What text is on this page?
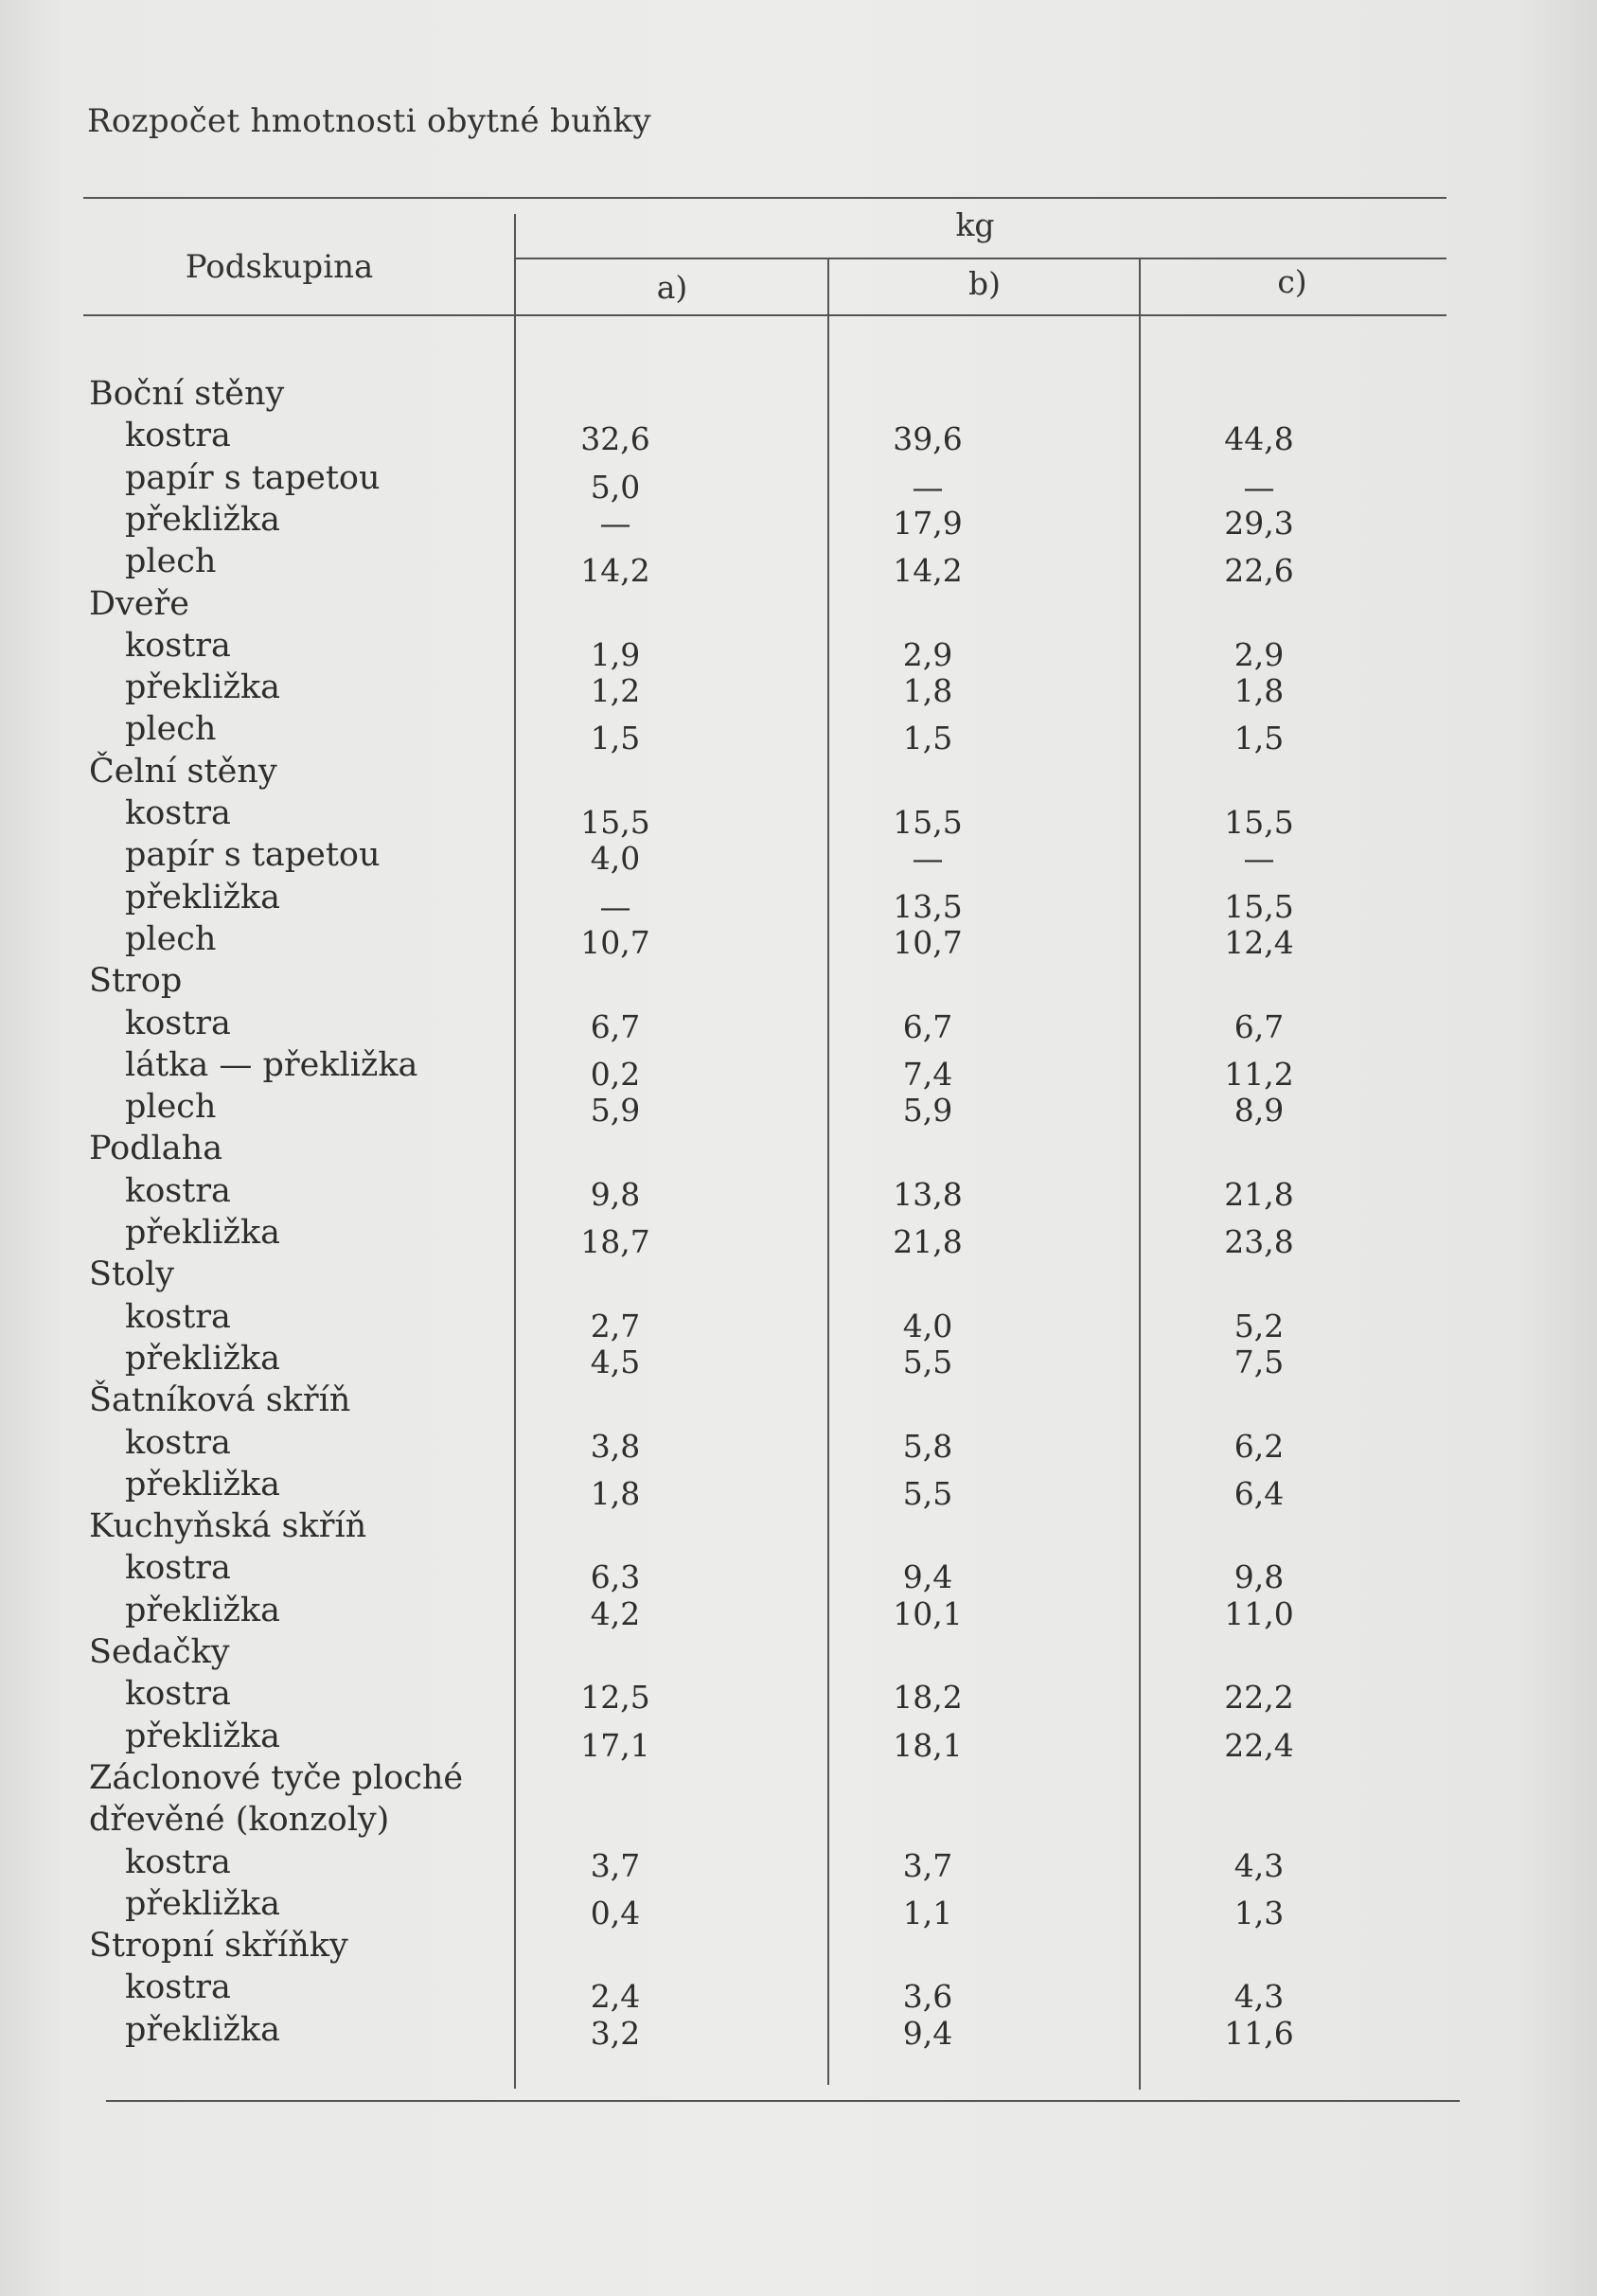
Rozpočet hmotnosti obytné buňky
Podskupina
kg
a)	b)	c)
Boční stěny
kostra	32,6	39,6	44,8
papír s tapetou	5,0	—	—
překližka	—	17,9	29,3
plech	14,2	14,2	22,6
Dveře
kostra	1,9	2,9	2,9
překližka	1,2	1,8	1,8
plech	1,5	1,5	1,5
Čelní stěny
kostra	15,5	15,5	15,5
papír s tapetou	4,0	—	—
překližka	—	13,5	15,5
plech	10,7	10,7	12,4
Strop
kostra	6,7	6,7	6,7
látka — překližka	0,2	7,4	11,2
plech	5,9	5,9	8,9
Podlaha
kostra	9,8	13,8	21,8
překližka	18,7	21,8	23,8
Stoly
kostra	2,7	4,0	5,2
překližka	4,5	5,5	7,5
Šatníková skříň
kostra	3,8	5,8	6,2
překližka	1,8	5,5	6,4
Kuchyňská skříň
kostra	6,3	9,4	9,8
překližka	4,2	10,1	11,0
Sedačky
kostra	12,5	18,2	22,2
překližka	17,1	18,1	22,4
Záclonové tyče ploché
dřevěné (konzoly)
kostra	3,7	3,7	4,3
překližka	0,4	1,1	1,3
Stropní skříňky
kostra	2,4	3,6	4,3
překližka	3,2	9,4	11,6
